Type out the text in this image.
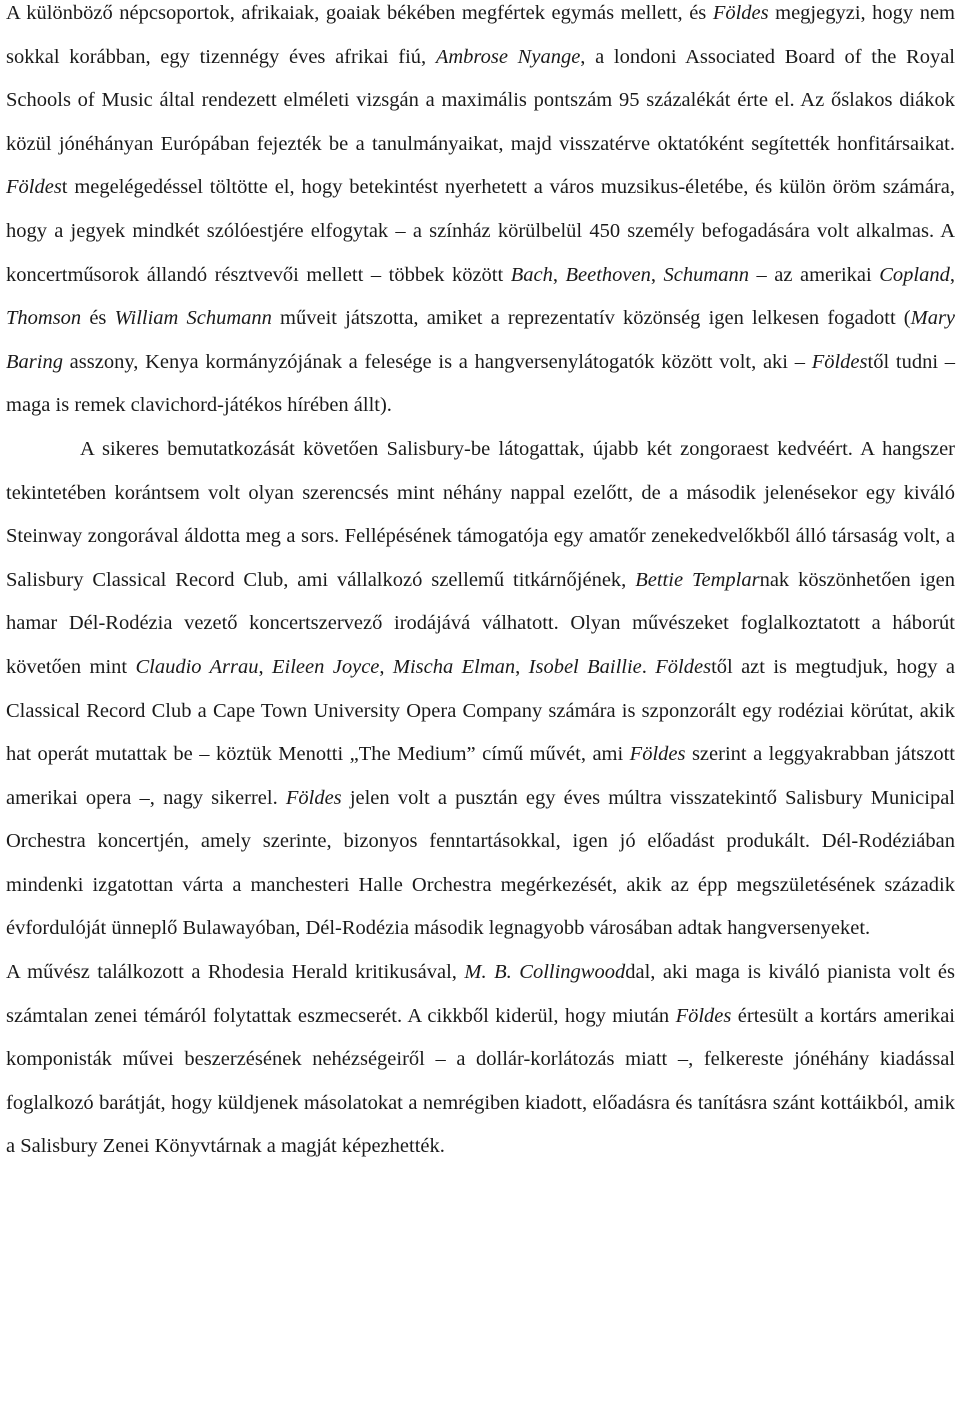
A különböző népcsoportok, afrikaiak, goaiak békében megfértek egymás mellett, és Földes megjegyzi, hogy nem sokkal korábban, egy tizennégy éves afrikai fiú, Ambrose Nyange, a londoni Associated Board of the Royal Schools of Music által rendezett elméleti vizsgán a maximális pontszám 95 százalékát érte el. Az őslakos diákok közül jónéhányan Európában fejezték be a tanulmányaikat, majd visszatérve oktatóként segítették honfitársaikat. Földest megelégedéssel töltötte el, hogy betekintést nyerhetett a város muzsikus-életébe, és külön öröm számára, hogy a jegyek mindkét szólóestjére elfogytak – a színház körülbelül 450 személy befogadására volt alkalmas. A koncertműsorok állandó résztvevői mellett – többek között Bach, Beethoven, Schumann – az amerikai Copland, Thomson és William Schumann műveit játszotta, amiket a reprezentatív közönség igen lelkesen fogadott (Mary Baring asszony, Kenya kormányzójának a felesége is a hangversenylátogatók között volt, aki – Földestől tudni – maga is remek clavichord-játékos hírében állt).

A sikeres bemutatkozását követően Salisbury-be látogattak, újabb két zongoraest kedvéért. A hangszer tekintetében korántsem volt olyan szerencsés mint néhány nappal ezelőtt, de a második jelenésekor egy kiváló Steinway zongorával áldotta meg a sors. Fellépésének támogatója egy amatőr zenekedvelőkből álló társaság volt, a Salisbury Classical Record Club, ami vállalkozó szellemű titkárnőjének, Bettie Templarnak köszönhetően igen hamar Dél-Rodézia vezető koncertszervező irodájává válhatott. Olyan művészeket foglalkoztatott a háborút követően mint Claudio Arrau, Eileen Joyce, Mischa Elman, Isobel Baillie. Földestől azt is megtudjuk, hogy a Classical Record Club a Cape Town University Opera Company számára is szponzorált egy rodéziai körútat, akik hat operát mutattak be – köztük Menotti „The Medium” című művét, ami Földes szerint a leggyakrabban játszott amerikai opera –, nagy sikerrel. Földes jelen volt a pusztán egy éves múltra visszatekintő Salisbury Municipal Orchestra koncertjén, amely szerinte, bizonyos fenntartásokkal, igen jó előadást produkált. Dél-Rodéziában mindenki izgatottan várta a manchesteri Halle Orchestra megérkezését, akik az épp megszületésének századik évfordulóját ünneplő Bulawayóban, Dél-Rodézia második legnagyobb városában adtak hangversenyeket.

A művész találkozott a Rhodesia Herald kritikusával, M. B. Collingwooddal, aki maga is kiváló pianista volt és számtalan zenei témáról folytattak eszmecserét. A cikkből kiderül, hogy miután Földes értesült a kortárs amerikai komponisták művei beszerzésének nehézségeiről – a dollár-korlátozás miatt –, felkereste jónéhány kiadással foglalkozó barátját, hogy küldjenek másolatokat a nemrégiben kiadott, előadásra és tanításra szánt kottáikból, amik a Salisbury Zenei Könyvtárnak a magját képezhették.
